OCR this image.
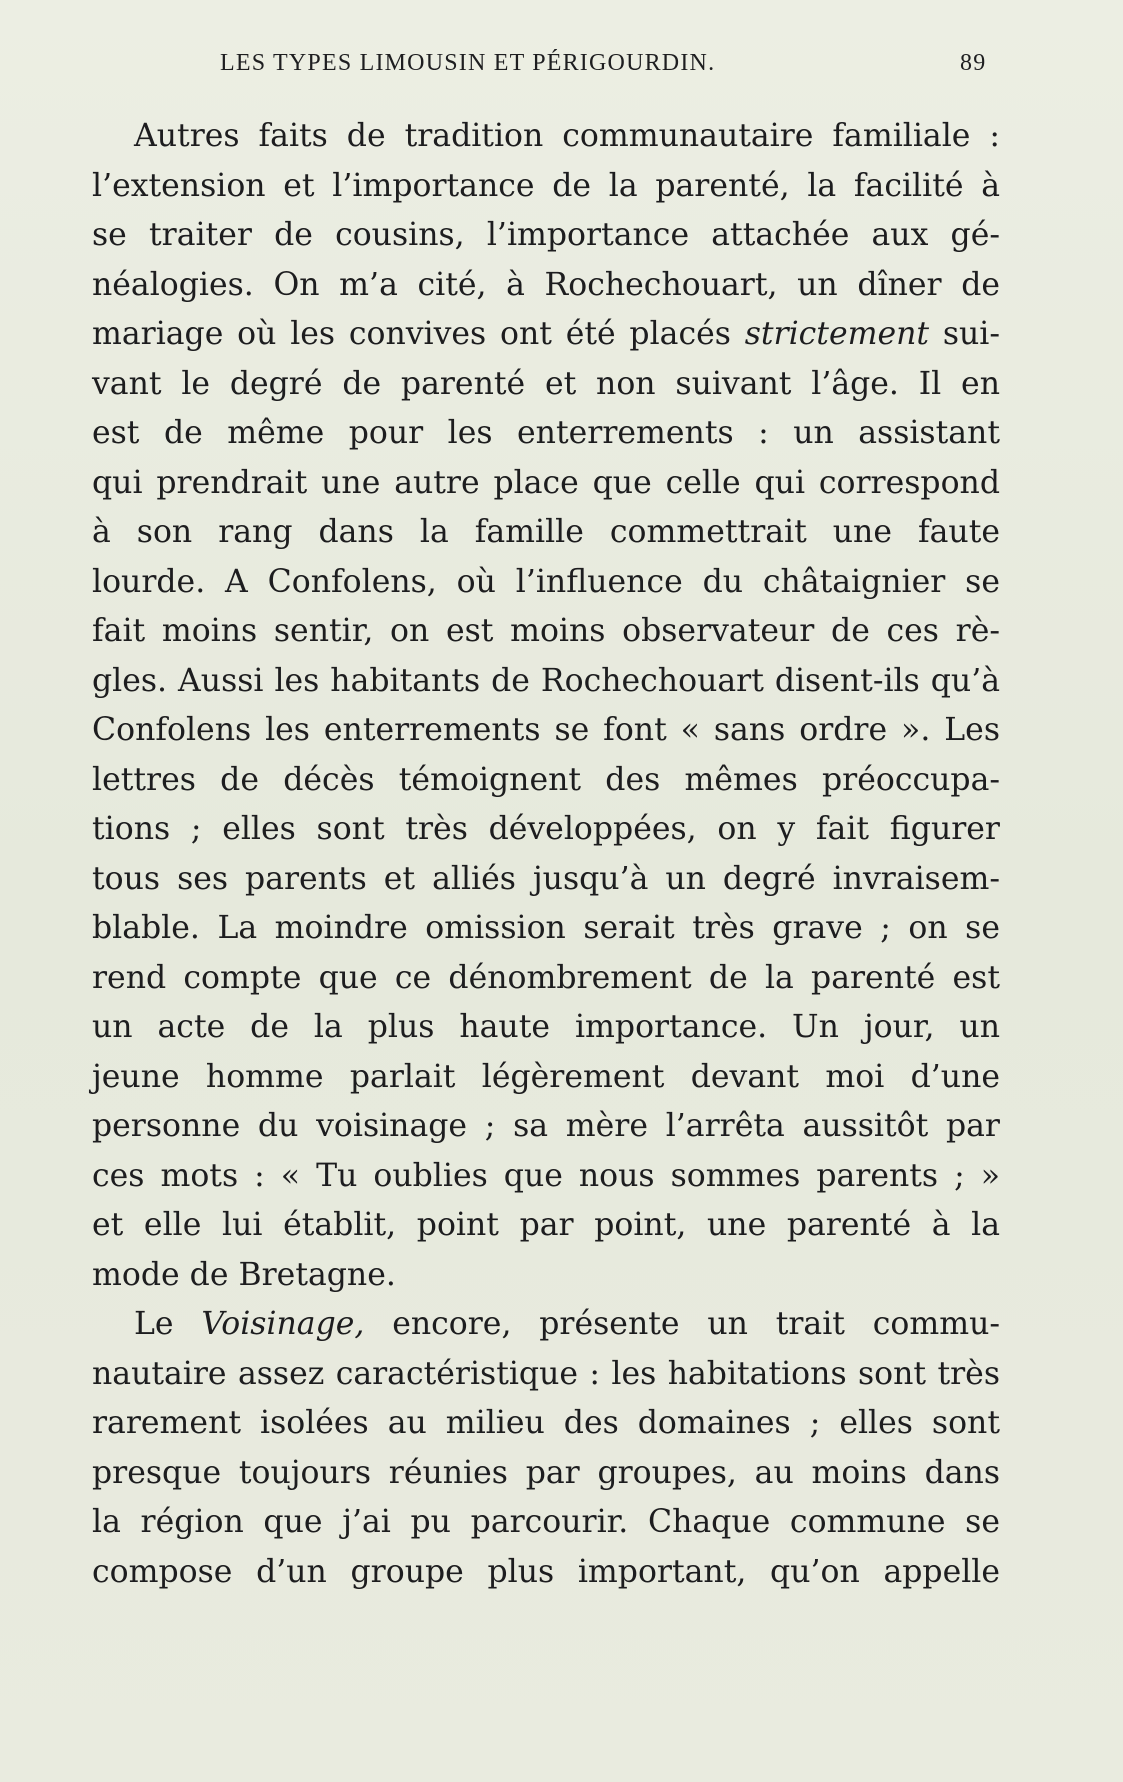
LES TYPES LIMOUSIN ET PÉRIGOURDIN.	89
Autres faits de tradition communautaire familiale :
l’extension et l’importance de la parenté, la facilité à
se traiter de cousins, l’importance attachée aux gé-
néalogies. On m’a cité, à Rochechouart, un dîner de
mariage où les convives ont été placés strictement sui-
vant le degré de parenté et non suivant l’âge. Il en
est de même pour les enterrements : un assistant
qui prendrait une autre place que celle qui correspond
à son rang dans la famille commettrait une faute
lourde. A Confolens, où l’influence du châtaignier se
fait moins sentir, on est moins observateur de ces rè-
gles. Aussi les habitants de Rochechouart disent-ils qu’à
Confolens les enterrements se font « sans ordre ». Les
lettres de décès témoignent des mêmes préoccupa-
tions ; elles sont très développées, on y fait figurer
tous ses parents et alliés jusqu’à un degré invraisem-
blable. La moindre omission serait très grave ; on se
rend compte que ce dénombrement de la parenté est
un acte de la plus haute importance. Un jour, un
jeune homme parlait légèrement devant moi d’une
personne du voisinage ; sa mère l’arrêta aussitôt par
ces mots : « Tu oublies que nous sommes parents ; »
et elle lui établit, point par point, une parenté à la
mode de Bretagne.
Le Voisinage, encore, présente un trait commu-
nautaire assez caractéristique : les habitations sont très
rarement isolées au milieu des domaines ; elles sont
presque toujours réunies par groupes, au moins dans
la région que j’ai pu parcourir. Chaque commune se
compose d’un groupe plus important, qu’on appelle
